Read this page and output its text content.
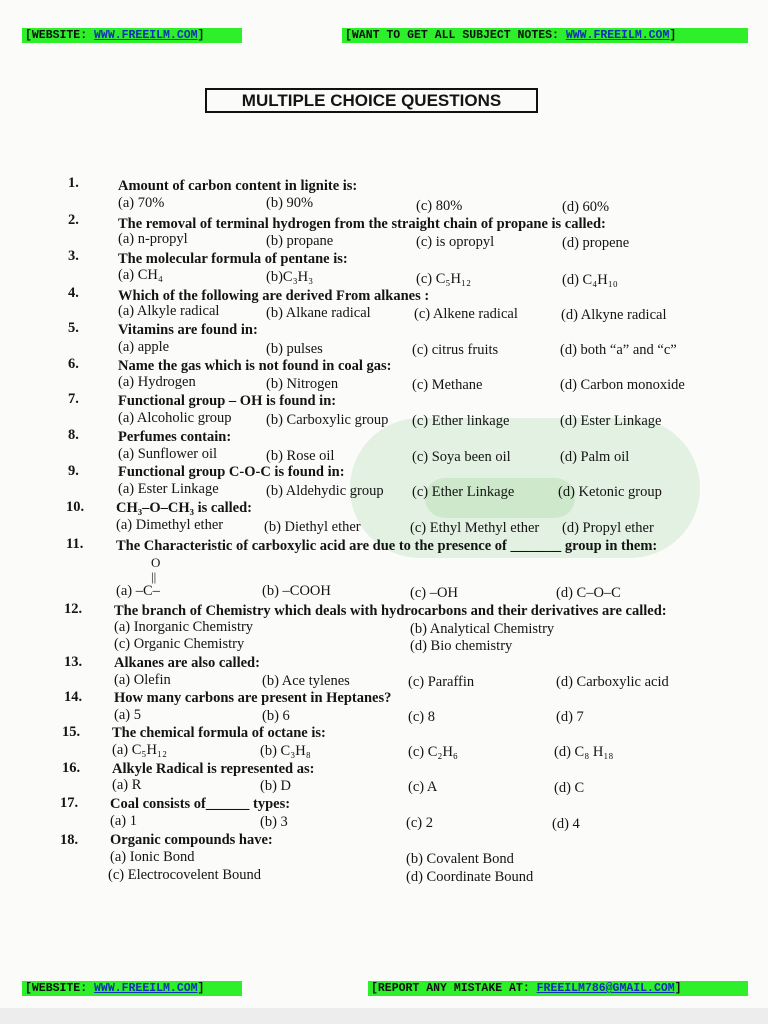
[WEBSITE: WWW.FREEILM.COM]	[WANT TO GET ALL SUBJECT NOTES: WWW.FREEILM.COM]
MULTIPLE CHOICE QUESTIONS
1.	Amount of carbon content in lignite is:
(a) 70%	(b) 90%	(c) 80%	(d) 60%
2.	The removal of terminal hydrogen from the straight chain of propane is called:
(a) n-propyl	(b) propane	(c) is opropyl	(d) propene
3.	The molecular formula of pentane is:
(a) CH₄	(b)C₃H₃	(c) C₅H₁₂	(d) C₄H₁₀
4.	Which of the following are derived From alkanes :
(a) Alkyle radical	(b) Alkane radical	(c) Alkene radical	(d) Alkyne radical
5.	Vitamins are found in:
(a) apple	(b) pulses	(c) citrus fruits	(d) both “a” and “c”
6.	Name the gas which is not found in coal gas:
(a) Hydrogen	(b) Nitrogen	(c) Methane	(d) Carbon monoxide
7.	Functional group – OH is found in:
(a) Alcoholic group (b) Carboxylic group (c) Ether linkage	(d) Ester Linkage
8.	Perfumes contain:
(a) Sunflower oil	(b) Rose oil	(c) Soya been oil	(d) Palm oil
9.	Functional group C-O-C is found in:
(a) Ester Linkage	(b) Aldehydic group (c) Ether Linkage	(d) Ketonic group
10. CH₃–O–CH₃ is called:
(a) Dimethyl ether	(b) Diethyl ether	(c) Ethyl Methyl ether (d) Propyl ether
11. The Characteristic of carboxylic acid are due to the presence of _______ group in them:
O
||
(a) –C–	(b) –COOH	(c) –OH	(d) C–O–C
12. The branch of Chemistry which deals with hydrocarbons and their derivatives are called:
(a) Inorganic Chemistry	(b) Analytical Chemistry
(c) Organic Chemistry	(d) Bio chemistry
13. Alkanes are also called:
(a) Olefin	(b) Ace tylenes	(c) Paraffin	(d) Carboxylic acid
14. How many carbons are present in Heptanes?
(a) 5	(b) 6	(c) 8	(d) 7
15. The chemical formula of octane is:
(a) C₅H₁₂	(b) C₃H₈	(c) C₂H₆	(d) C₈ H₁₈
16. Alkyle Radical is represented as:
(a) R	(b) D	(c) A	(d) C
17. Coal consists of______ types:
(a) 1	(b) 3	(c) 2	(d) 4
18. Organic compounds have:
(a) Ionic Bond	(b) Covalent Bond
(c) Electrocovelent Bound	(d) Coordinate Bound
[WEBSITE: WWW.FREEILM.COM]	[REPORT ANY MISTAKE AT: FREEILM786@GMAIL.COM]
